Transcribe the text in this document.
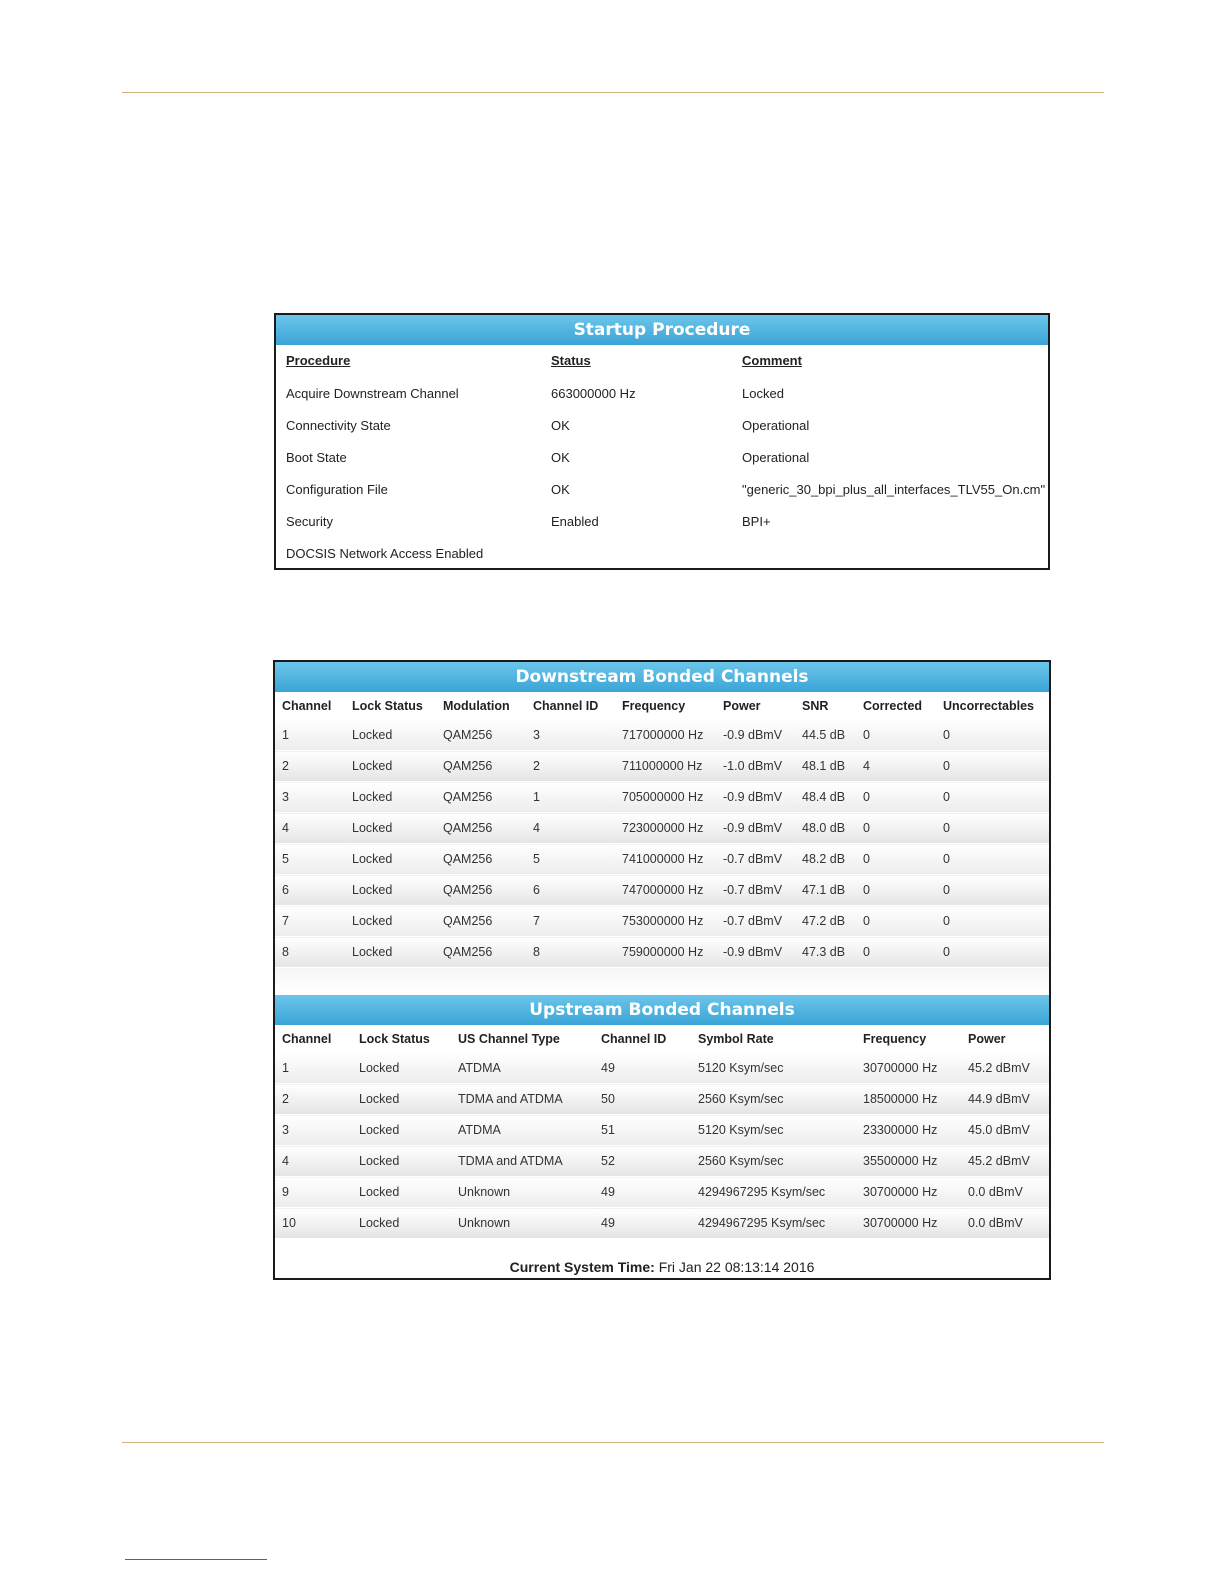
Startup Procedure
Procedure	Status	Comment
Acquire Downstream Channel	663000000 Hz	Locked
Connectivity State	OK	Operational
Boot State	OK	Operational
Configuration File	OK	"generic_30_bpi_plus_all_interfaces_TLV55_On.cm"
Security	Enabled	BPI+
DOCSIS Network Access Enabled
Downstream Bonded Channels
Channel	Lock Status	Modulation	Channel ID	Frequency	Power	SNR	Corrected	Uncorrectables
1	Locked	QAM256	3	717000000 Hz	-0.9 dBmV	44.5 dB	0	0
2	Locked	QAM256	2	711000000 Hz	-1.0 dBmV	48.1 dB	4	0
3	Locked	QAM256	1	705000000 Hz	-0.9 dBmV	48.4 dB	0	0
4	Locked	QAM256	4	723000000 Hz	-0.9 dBmV	48.0 dB	0	0
5	Locked	QAM256	5	741000000 Hz	-0.7 dBmV	48.2 dB	0	0
6	Locked	QAM256	6	747000000 Hz	-0.7 dBmV	47.1 dB	0	0
7	Locked	QAM256	7	753000000 Hz	-0.7 dBmV	47.2 dB	0	0
8	Locked	QAM256	8	759000000 Hz	-0.9 dBmV	47.3 dB	0	0
Upstream Bonded Channels
Channel	Lock Status	US Channel Type	Channel ID	Symbol Rate	Frequency	Power
1	Locked	ATDMA	49	5120 Ksym/sec	30700000 Hz	45.2 dBmV
2	Locked	TDMA and ATDMA	50	2560 Ksym/sec	18500000 Hz	44.9 dBmV
3	Locked	ATDMA	51	5120 Ksym/sec	23300000 Hz	45.0 dBmV
4	Locked	TDMA and ATDMA	52	2560 Ksym/sec	35500000 Hz	45.2 dBmV
9	Locked	Unknown	49	4294967295 Ksym/sec	30700000 Hz	0.0 dBmV
10	Locked	Unknown	49	4294967295 Ksym/sec	30700000 Hz	0.0 dBmV
Current System Time: Fri Jan 22 08:13:14 2016
